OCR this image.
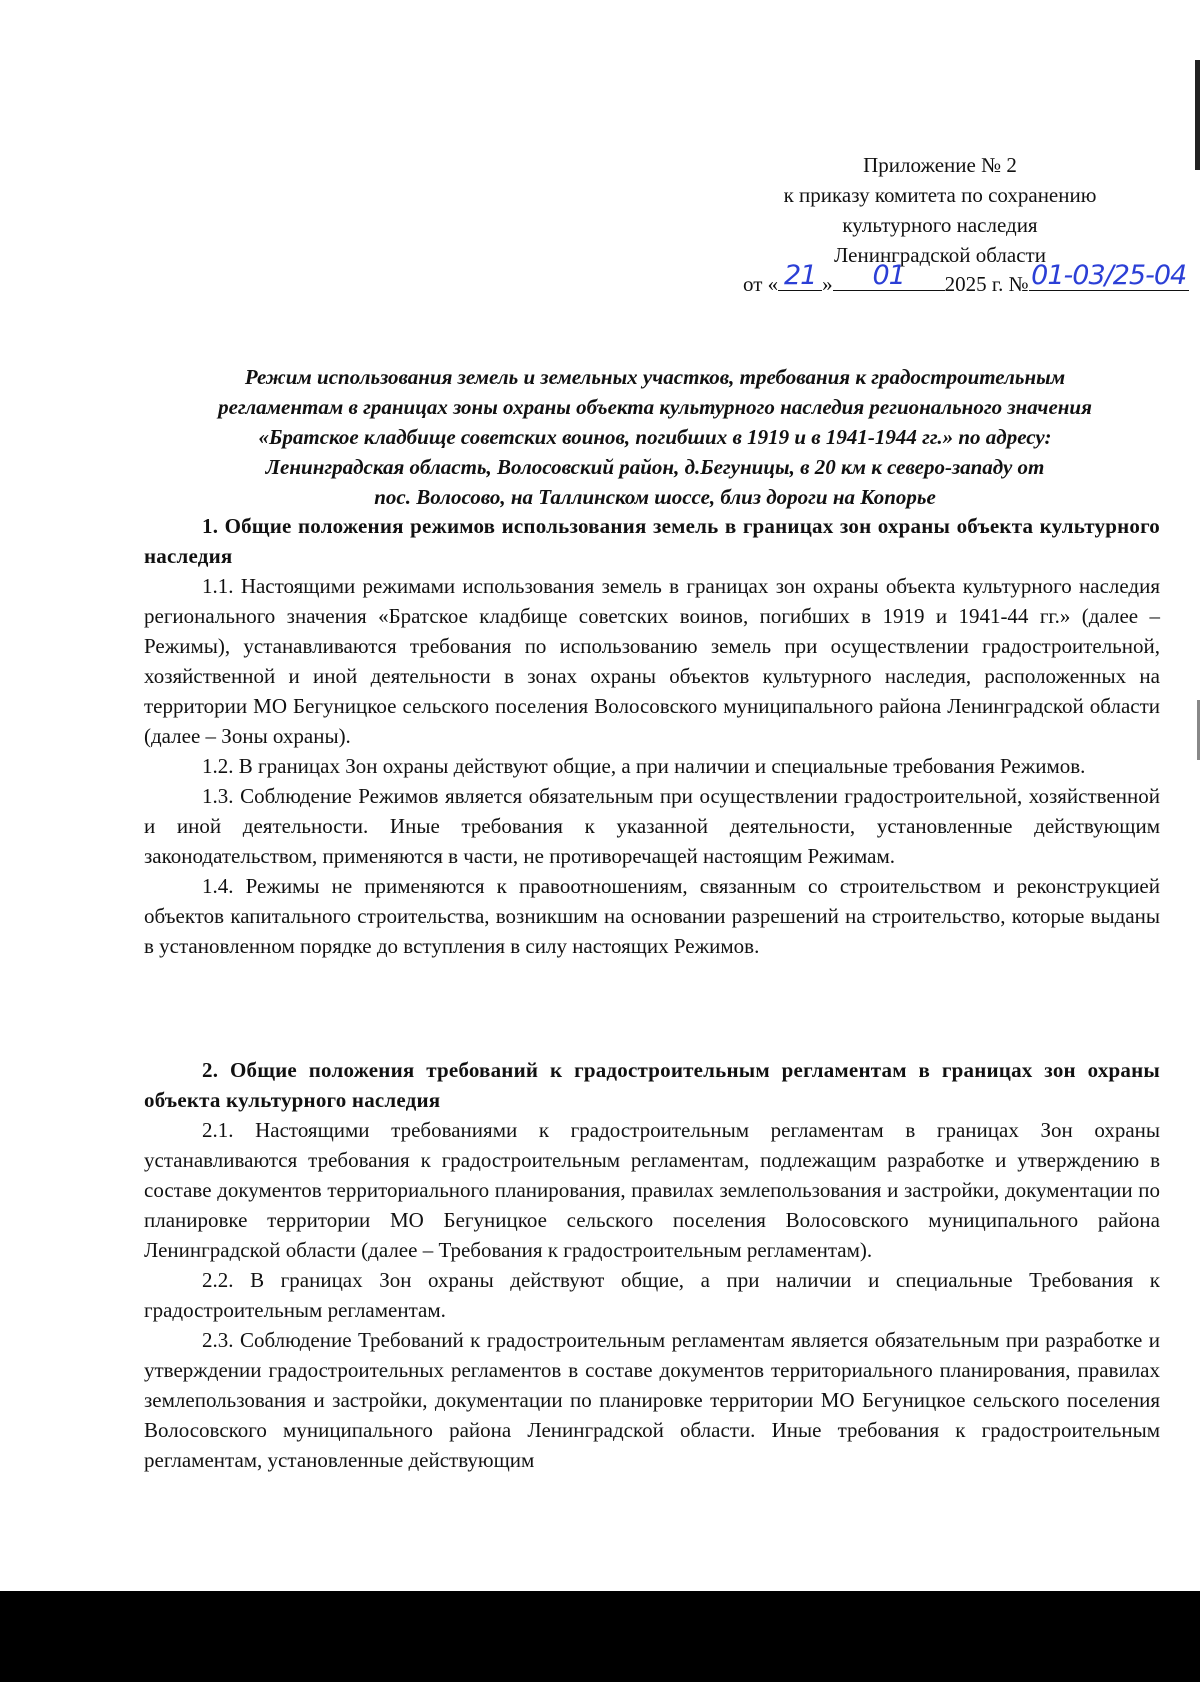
Приложение № 2
к приказу комитета по сохранению
культурного наследия
Ленинградской области
от « 21 »	01	2025 г. № 01-03/25-04
Режим использования земель и земельных участков, требования к градостроительным
регламентам в границах зоны охраны объекта культурного наследия регионального значения
«Братское кладбище советских воинов, погибших в 1919 и в 1941-1944 гг.» по адресу:
Ленинградская область, Волосовский район, д.Бегуницы, в 20 км к северо-западу от
пос. Волосово, на Таллинском шоссе, близ дороги на Копорье

1. Общие положения режимов использования земель в границах зон охраны объекта культурного наследия

1.1. Настоящими режимами использования земель в границах зон охраны объекта культурного наследия регионального значения «Братское кладбище советских воинов, погибших в 1919 и 1941-44 гг.» (далее – Режимы), устанавливаются требования по использованию земель при осуществлении градостроительной, хозяйственной и иной деятельности в зонах охраны объектов культурного наследия, расположенных на территории МО Бегуницкое сельского поселения Волосовского муниципального района Ленинградской области (далее – Зоны охраны).

1.2. В границах Зон охраны действуют общие, а при наличии и специальные требования Режимов.

1.3. Соблюдение Режимов является обязательным при осуществлении градостроительной, хозяйственной и иной деятельности. Иные требования к указанной деятельности, установленные действующим законодательством, применяются в части, не противоречащей настоящим Режимам.

1.4. Режимы не применяются к правоотношениям, связанным со строительством и реконструкцией объектов капитального строительства, возникшим на основании разрешений на строительство, которые выданы в установленном порядке до вступления в силу настоящих Режимов.

2. Общие положения требований к градостроительным регламентам в границах зон охраны объекта культурного наследия

2.1. Настоящими требованиями к градостроительным регламентам в границах Зон охраны устанавливаются требования к градостроительным регламентам, подлежащим разработке и утверждению в составе документов территориального планирования, правилах землепользования и застройки, документации по планировке территории МО Бегуницкое сельского поселения Волосовского муниципального района Ленинградской области (далее – Требования к градостроительным регламентам).

2.2. В границах Зон охраны действуют общие, а при наличии и специальные Требования к градостроительным регламентам.

2.3. Соблюдение Требований к градостроительным регламентам является обязательным при разработке и утверждении градостроительных регламентов в составе документов территориального планирования, правилах землепользования и застройки, документации по планировке территории МО Бегуницкое сельского поселения Волосовского муниципального района Ленинградской области. Иные требования к градостроительным регламентам, установленные действующим
